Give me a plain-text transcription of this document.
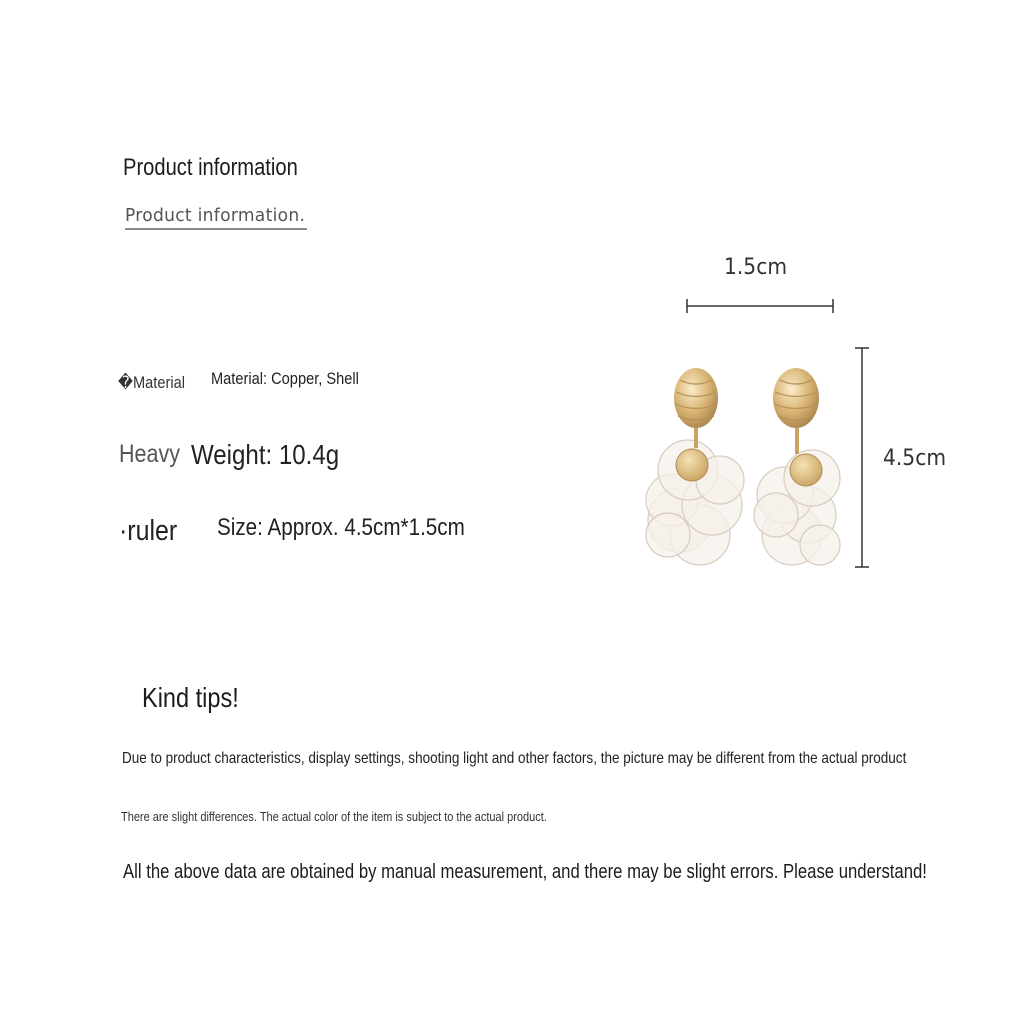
Product information
Product information.
�Material Material: Copper, Shell
Heavy Weight: 10.4g
·ruler Size: Approx. 4.5cm*1.5cm
1.5cm
4.5cm
Kind tips!
Due to product characteristics, display settings, shooting light and other factors, the picture may be different from the actual product
There are slight differences. The actual color of the item is subject to the actual product.
All the above data are obtained by manual measurement, and there may be slight errors. Please understand!
